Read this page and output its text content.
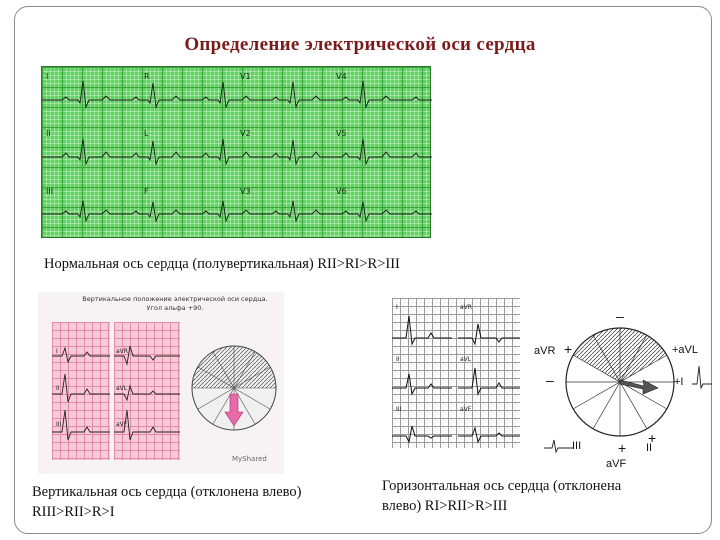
Определение электрической оси сердца
I	R	V1	V4
II	L	V2	V5
III	F	V3	V6
Нормальная ось сердца (полувертикальная) RII>RI>R>III
Вертикальное положение электрической оси сердца.
Угол альфа +90.
I	aVR
II	aVL
III	aVF
MyShared
Вертикальная ось сердца (отклонена влево)
RIII>RII>R>I
I	aVR
II	aVL
III	aVF
aVR +	+aVL
+I
–
–
III	II
+
aVF
+
Горизонтальная ось сердца (отклонена
влево) RI>RII>R>III
